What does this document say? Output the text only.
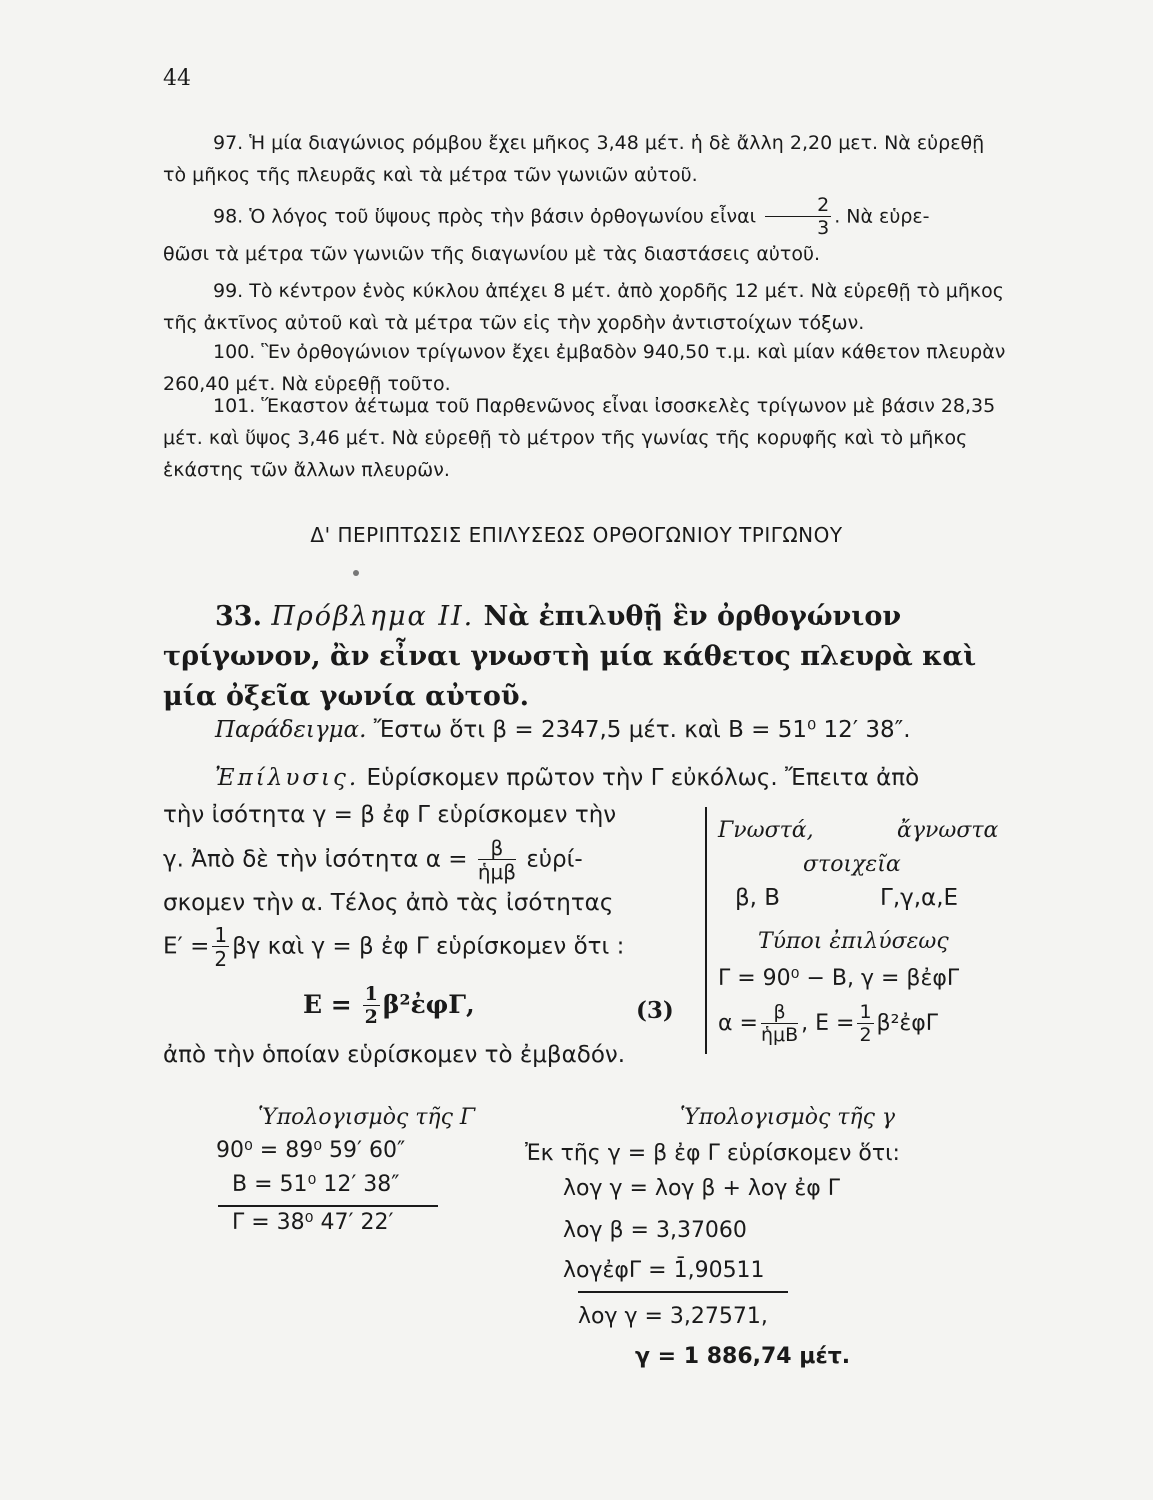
44

97. Ἡ μία διαγώνιος ρόμβου ἔχει μῆκος 3,48 μέτ. ἡ δὲ ἄλλη 2,20 μετ. Νὰ εὑρεθῇ τὸ μῆκος τῆς πλευρᾶς καὶ τὰ μέτρα τῶν γωνιῶν αὐτοῦ.

98. Ὁ λόγος τοῦ ὕψους πρὸς τὴν βάσιν ὀρθογωνίου εἶναι $\frac{2}{3}$ . Νὰ εὑρε-

θῶσι τὰ μέτρα τῶν γωνιῶν τῆς διαγωνίου μὲ τὰς διαστάσεις αὐτοῦ.

99. Τὸ κέντρον ἑνὸς κύκλου ἀπέχει 8 μέτ. ἀπὸ χορδῆς 12 μέτ. Νὰ εὑρεθῇ τὸ μῆκος τῆς ἀκτῖνος αὐτοῦ καὶ τὰ μέτρα τῶν εἰς τὴν χορδὴν ἀντιστοίχων τόξων.

100. Ἓν ὀρθογώνιον τρίγωνον ἔχει ἐμβαδὸν 940,50 τ.μ. καὶ μίαν κάθετον πλευρὰν 260,40 μέτ. Νὰ εὑρεθῇ τοῦτο.

101. Ἕκαστον ἀέτωμα τοῦ Παρθενῶνος εἶναι ἰσοσκελὲς τρίγωνον μὲ βάσιν 28,35 μέτ. καὶ ὕψος 3,46 μέτ. Νὰ εὑρεθῇ τὸ μέτρον τῆς γωνίας τῆς κορυφῆς καὶ τὸ μῆκος ἑκάστης τῶν ἄλλων πλευρῶν.

Δ' ΠΕΡΙΠΤΩΣΙΣ ΕΠΙΛΥΣΕΩΣ ΟΡΘΟΓΩΝΙΟΥ ΤΡΙΓΩΝΟΥ
33. Πρόβλημα ΙΙ. Νὰ ἐπιλυθῇ ἓν ὀρθογώνιον τρίγωνον, ἂν εἶναι γνωστὴ μία κάθετος πλευρὰ καὶ μία ὀξεῖα γωνία αὐτοῦ.
Παράδειγμα. Ἔστω ὅτι β = 2347,5 μέτ. καὶ Β = 51⁰ 12′ 38″.
Ἐπίλυσις. Εὑρίσκομεν πρῶτον τὴν Γ εὐκόλως. Ἔπειτα ἀπὸ
τὴν ἰσότητα γ = β ἐφ Γ εὑρίσκομεν τὴν
γ. Ἀπὸ δὲ τὴν ἰσότητα $\alpha = \frac{\beta}{\text{ἡμβ}}$ εὑρί-
σκομεν τὴν α. Τέλος ἀπὸ τὰς ἰσότητας
$E' = \frac{1}{2}$ βγ καὶ γ = β ἐφ Γ εὑρίσκομεν ὅτι :
$E = \frac{1}{2}$ β²ἐφΓ,	(3)
ἀπὸ τὴν ὁποίαν εὑρίσκομεν τὸ ἐμβαδόν.
Γνωστά,	ἄγνωστα
στοιχεῖα
β, Β	Γ,γ,α,Ε
Τύποι ἐπιλύσεως
Γ = 90⁰ − Β, γ = βἐφΓ
$\alpha = \frac{\beta}{\text{ἡμΒ}}$ , $E = \frac{1}{2}$ β²ἐφΓ
Ὑπολογισμὸς τῆς Γ
90⁰ = 89⁰ 59′ 60″
Β = 51⁰ 12′ 38″
Γ = 38⁰ 47′ 22′
Ὑπολογισμὸς τῆς γ
Ἐκ τῆς γ = β ἐφ Γ εὑρίσκομεν ὅτι:
λογ γ = λογ β + λογ ἐφ Γ
λογ β = 3,37060
λογἐφΓ = 1̄,90511
λογ γ = 3,27571,
γ = 1 886,74 μέτ.
